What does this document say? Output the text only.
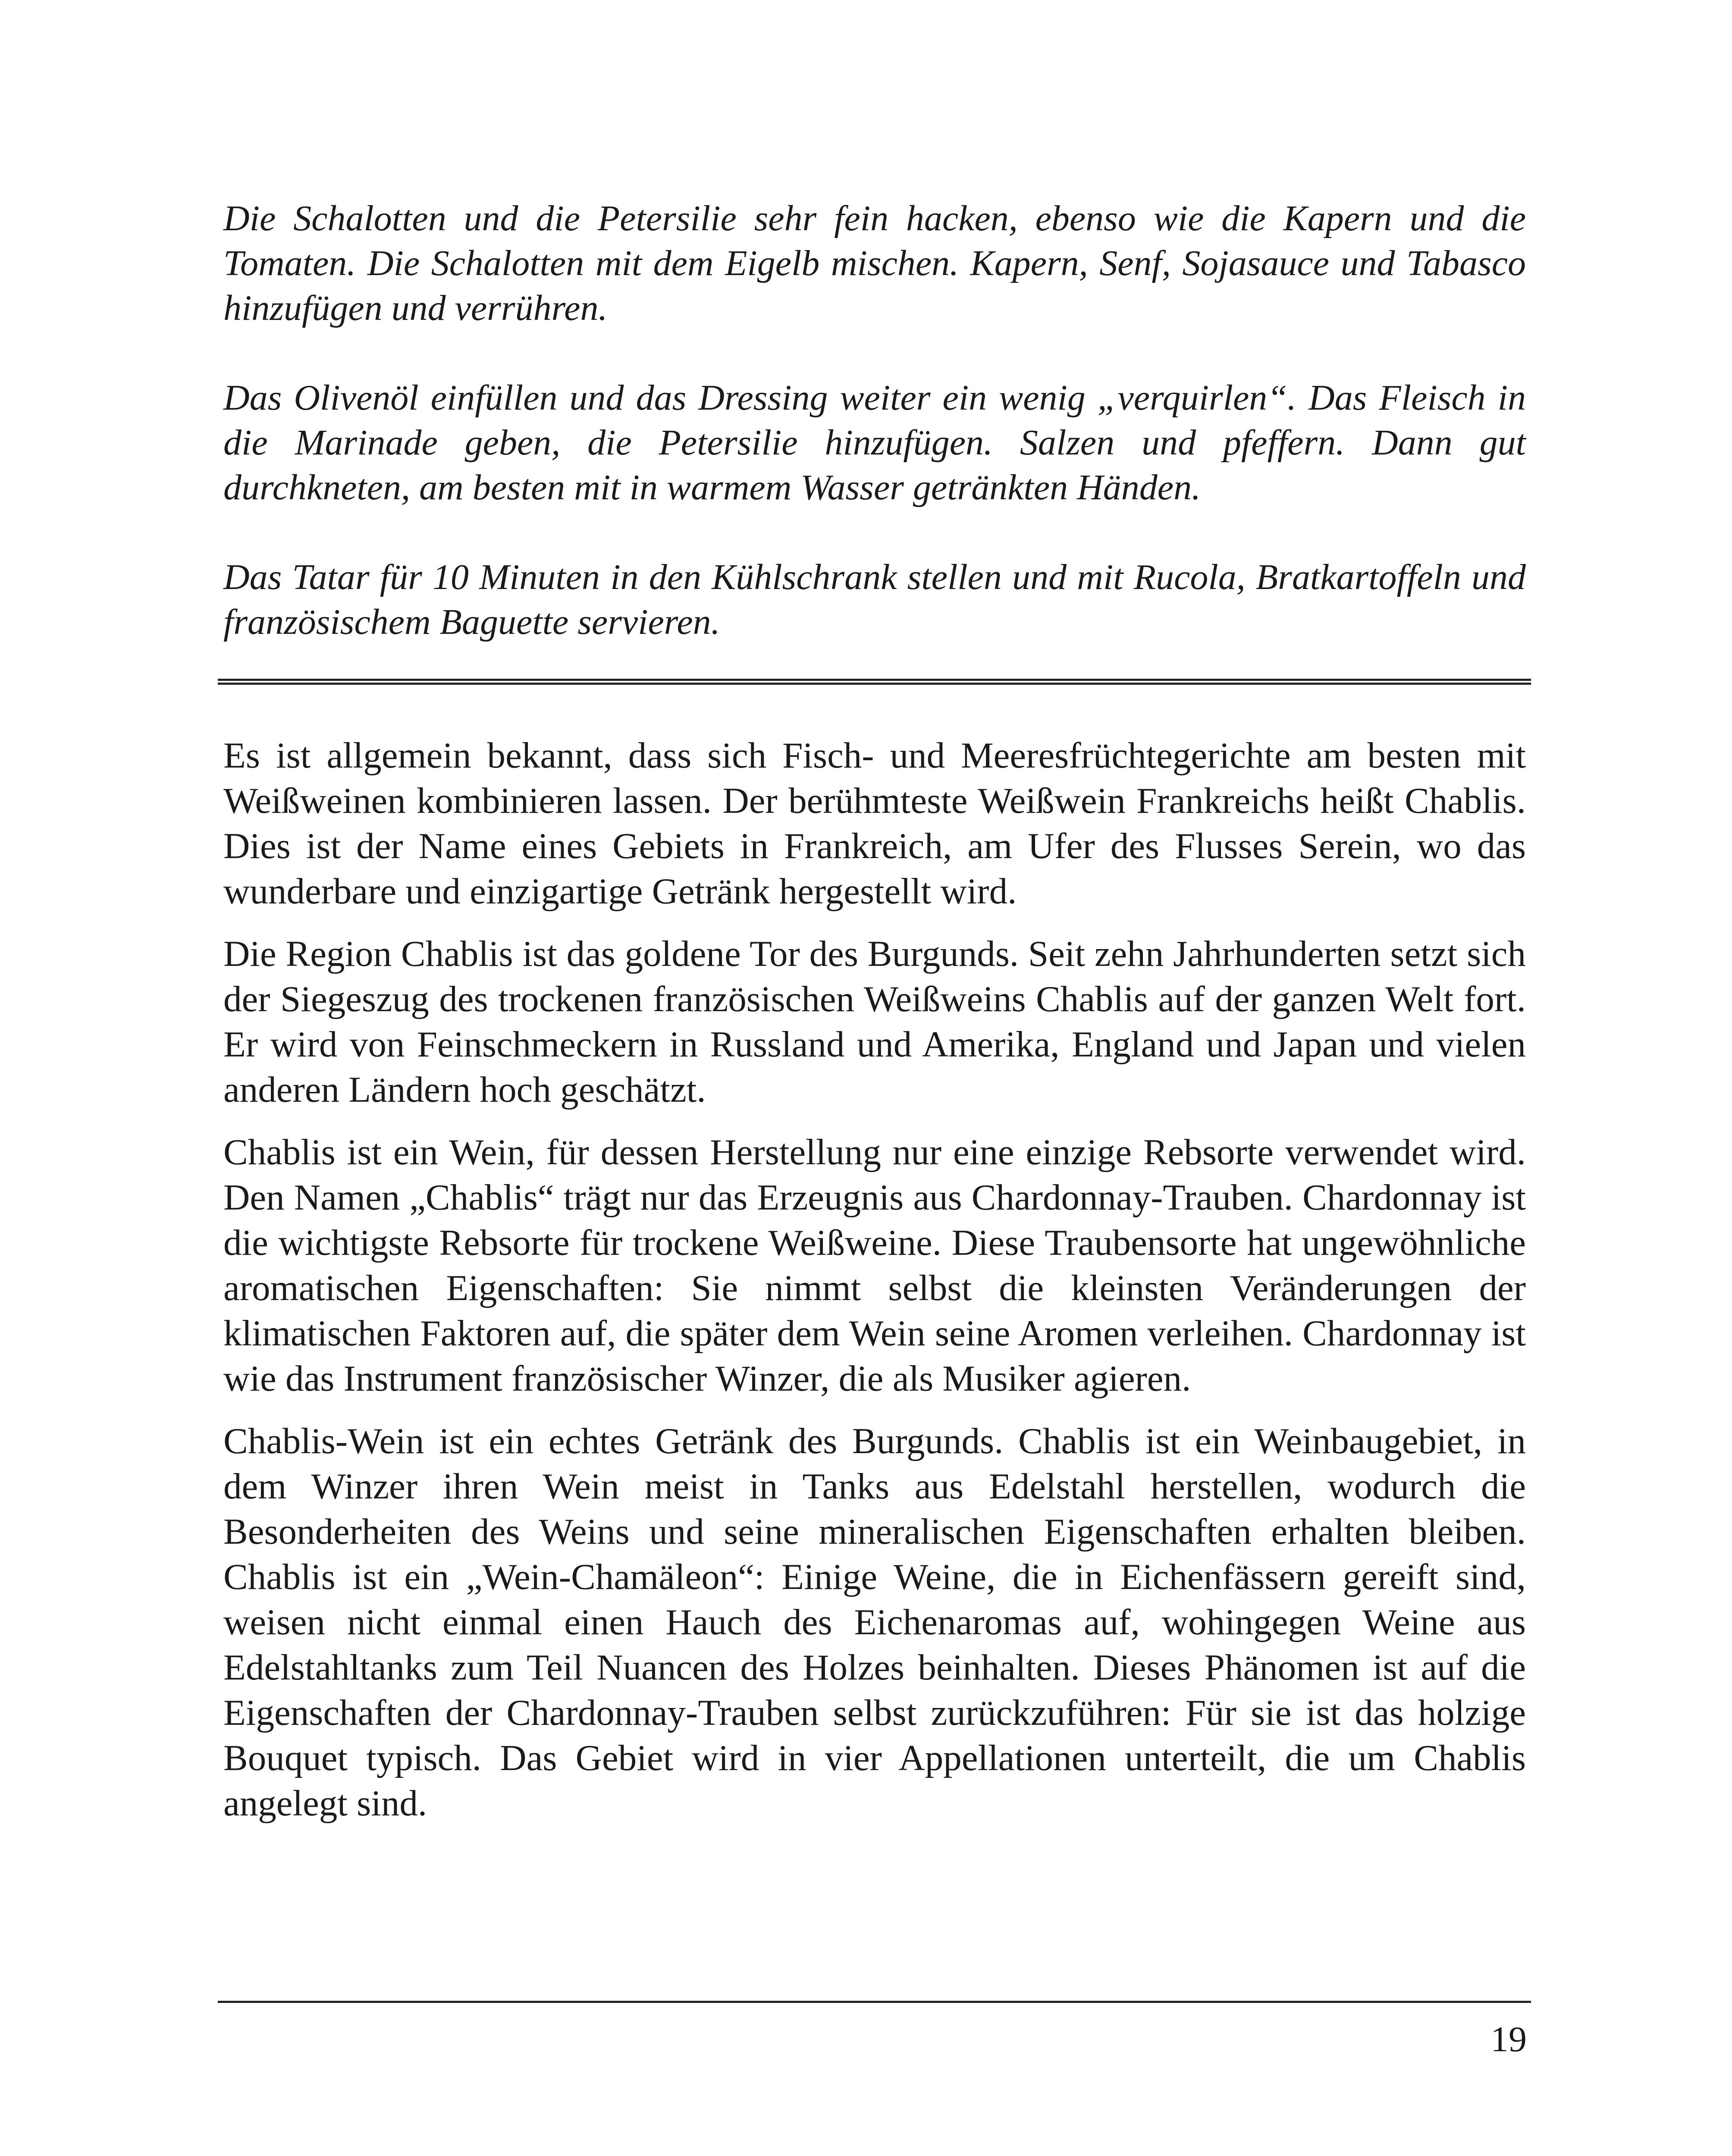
Die Schalotten und die Petersilie sehr fein hacken, ebenso wie die Kapern und die Tomaten. Die Schalotten mit dem Eigelb mischen. Kapern, Senf, Sojasauce und Tabasco hinzufügen und verrühren.

Das Olivenöl einfüllen und das Dressing weiter ein wenig „verquirlen“. Das Fleisch in die Marinade geben, die Petersilie hinzufügen. Salzen und pfeffern. Dann gut durchkneten, am besten mit in warmem Wasser getränkten Händen.

Das Tatar für 10 Minuten in den Kühlschrank stellen und mit Rucola, Bratkartoffeln und französischem Baguette servieren.

Es ist allgemein bekannt, dass sich Fisch- und Meeresfrüchtegerichte am besten mit Weißweinen kombinieren lassen. Der berühmteste Weißwein Frankreichs heißt Chablis. Dies ist der Name eines Gebiets in Frankreich, am Ufer des Flusses Serein, wo das wunderbare und einzigartige Getränk hergestellt wird.

Die Region Chablis ist das goldene Tor des Burgunds. Seit zehn Jahrhunderten setzt sich der Siegeszug des trockenen französischen Weißweins Chablis auf der ganzen Welt fort. Er wird von Feinschmeckern in Russland und Amerika, England und Japan und vielen anderen Ländern hoch geschätzt.

Chablis ist ein Wein, für dessen Herstellung nur eine einzige Rebsorte verwendet wird. Den Namen „Chablis“ trägt nur das Erzeugnis aus Chardonnay-Trauben. Chardonnay ist die wichtigste Rebsorte für trockene Weißweine. Diese Traubensorte hat ungewöhnliche aromatischen Eigenschaften: Sie nimmt selbst die kleinsten Veränderungen der klimatischen Faktoren auf, die später dem Wein seine Aromen verleihen. Chardonnay ist wie das Instrument französischer Winzer, die als Musiker agieren.

Chablis-Wein ist ein echtes Getränk des Burgunds. Chablis ist ein Weinbaugebiet, in dem Winzer ihren Wein meist in Tanks aus Edelstahl herstellen, wodurch die Besonderheiten des Weins und seine mineralischen Eigenschaften erhalten bleiben. Chablis ist ein „Wein-Chamäleon“: Einige Weine, die in Eichenfässern gereift sind, weisen nicht einmal einen Hauch des Eichenaromas auf, wohingegen Weine aus Edelstahltanks zum Teil Nuancen des Holzes beinhalten. Dieses Phänomen ist auf die Eigenschaften der Chardonnay-Trauben selbst zurückzuführen: Für sie ist das holzige Bouquet typisch. Das Gebiet wird in vier Appellationen unterteilt, die um Chablis angelegt sind.

19
